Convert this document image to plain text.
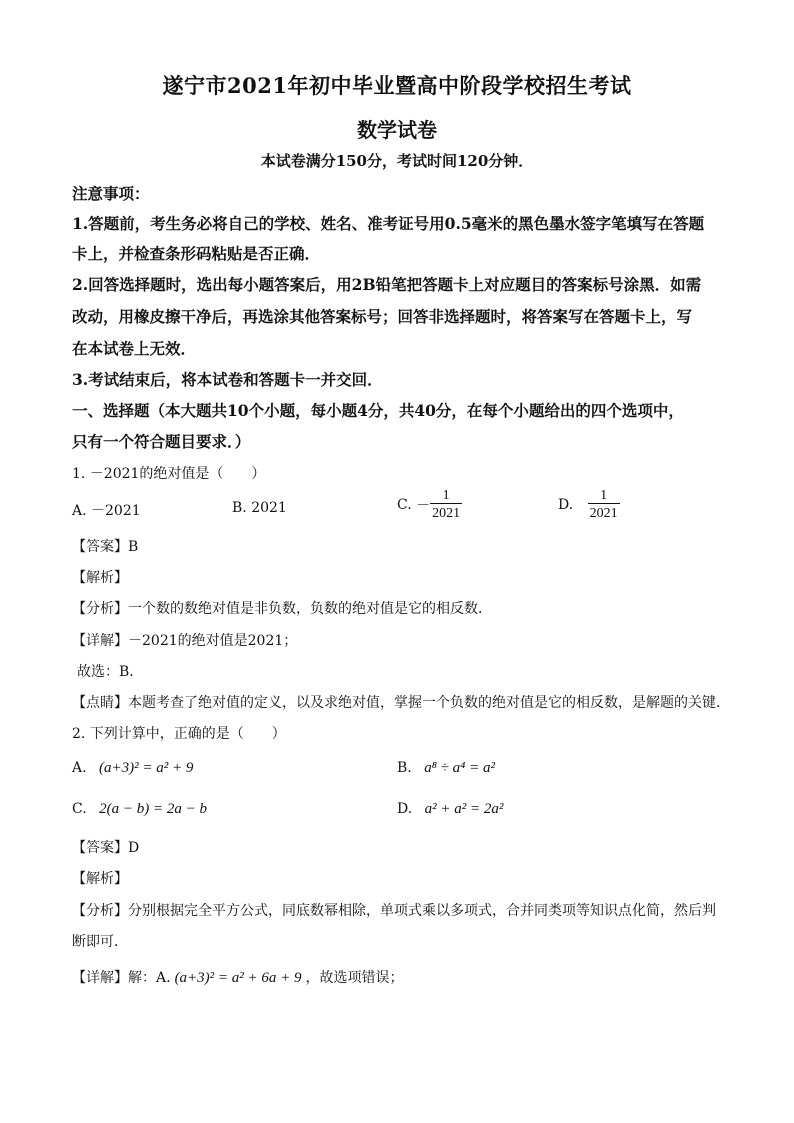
遂宁市2021年初中毕业暨高中阶段学校招生考试
数学试卷
本试卷满分150分，考试时间120分钟．
注意事项：
1.答题前，考生务必将自己的学校、姓名、准考证号用0.5毫米的黑色墨水签字笔填写在答题
卡上，并检查条形码粘贴是否正确．
2.回答选择题时，选出每小题答案后，用2B铅笔把答题卡上对应题目的答案标号涂黑．如需
改动，用橡皮擦干净后，再选涂其他答案标号；回答非选择题时，将答案写在答题卡上，写
在本试卷上无效．
3.考试结束后，将本试卷和答题卡一并交回．
一、选择题（本大题共10个小题，每小题4分，共40分，在每个小题给出的四个选项中，
只有一个符合题目要求．）
1. －2021的绝对值是（　　）
A. －2021	B. 2021	C. － $\frac{1}{2021}$	D. $\frac{1}{2021}$
【答案】B
【解析】
【分析】一个数的数绝对值是非负数，负数的绝对值是它的相反数．
【详解】－2021的绝对值是2021；
故选：B．
【点睛】本题考查了绝对值的定义，以及求绝对值，掌握一个负数的绝对值是它的相反数，是解题的关键．
2. 下列计算中，正确的是（　　）
A. (a+3)² = a² + 9	B. a⁸ ÷ a⁴ = a²
C. 2(a − b) = 2a − b	D. a² + a² = 2a²
【答案】D
【解析】
【分析】分别根据完全平方公式，同底数幂相除，单项式乘以多项式，合并同类项等知识点化简，然后判
断即可．
【详解】解：A. (a+3)² = a² + 6a + 9 ，故选项错误；
